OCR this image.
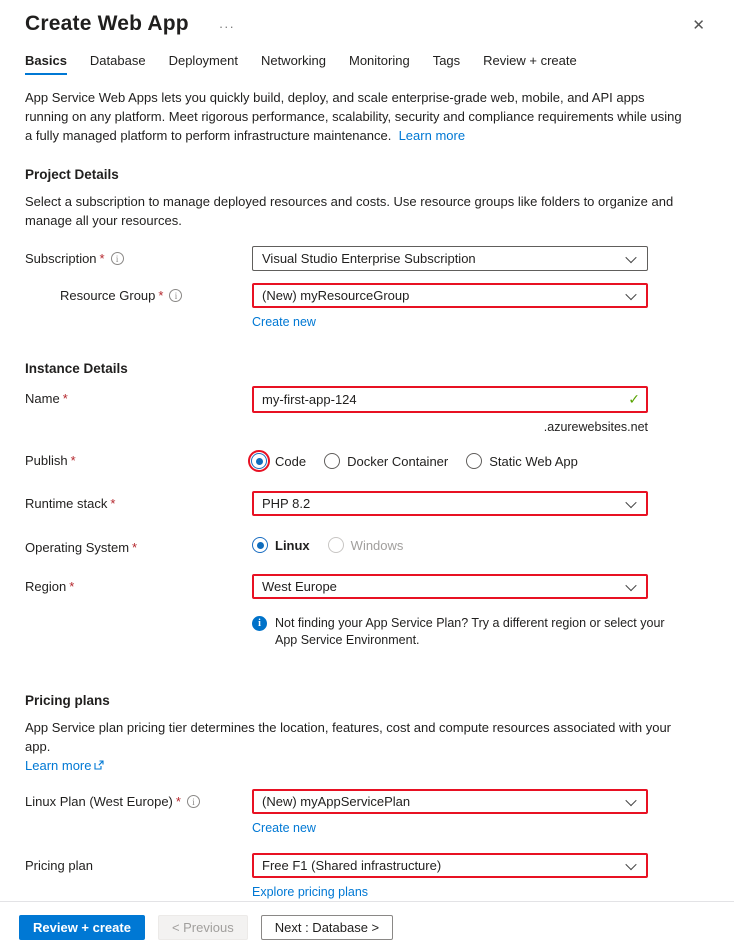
Create Web App ···	✕
Basics Database Deployment Networking Monitoring Tags Review + create
App Service Web Apps lets you quickly build, deploy, and scale enterprise-grade web, mobile, and API apps running on any platform. Meet rigorous performance, scalability, security and compliance requirements while using a fully managed platform to perform infrastructure maintenance. Learn more
Project Details
Select a subscription to manage deployed resources and costs. Use resource groups like folders to organize and manage all your resources.
Subscription *	i	Visual Studio Enterprise Subscription
Resource Group *	i	(New) myResourceGroup
Create new
Instance Details
Name *
my-first-app-124	✓
.azurewebsites.net
Publish *	Code	Docker Container	Static Web App
Runtime stack *	PHP 8.2
Operating System *	Linux	Windows
Region *	West Europe
i	Not finding your App Service Plan? Try a different region or select your App Service Environment.
Pricing plans
App Service plan pricing tier determines the location, features, cost and compute resources associated with your app.
Learn more
Linux Plan (West Europe) *	i	(New) myAppServicePlan
Create new
Pricing plan	Free F1 (Shared infrastructure)
Explore pricing plans
Review + create	< Previous	Next : Database >
